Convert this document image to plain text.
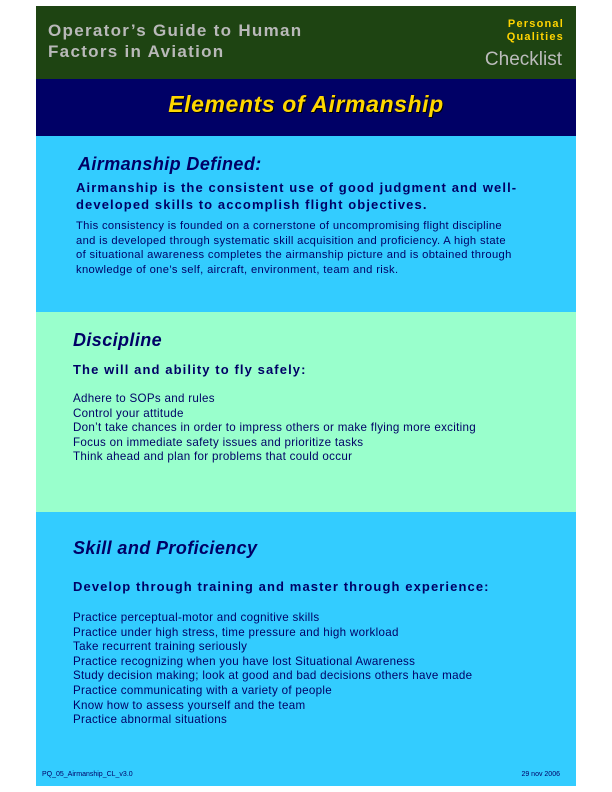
Operator’s Guide to Human
Factors in Aviation
Personal
Qualities
Checklist
Elements of Airmanship
Airmanship Defined:
Airmanship is the consistent use of good judgment and well-developed skills to accomplish flight objectives.
This consistency is founded on a cornerstone of uncompromising flight discipline and is developed through systematic skill acquisition and proficiency. A high state of situational awareness completes the airmanship picture and is obtained through knowledge of one’s self, aircraft, environment, team and risk.
Discipline
The will and ability to fly safely:
Adhere to SOPs and rules
Control your attitude
Don’t take chances in order to impress others or make flying more exciting
Focus on immediate safety issues and prioritize tasks
Think ahead and plan for problems that could occur
Skill and Proficiency
Develop through training and master through experience:
Practice perceptual-motor and cognitive skills
Practice under high stress, time pressure and high workload
Take recurrent training seriously
Practice recognizing when you have lost Situational Awareness
Study decision making; look at good and bad decisions others have made
Practice communicating with a variety of people
Know how to assess yourself and the team
Practice abnormal situations
PQ_05_Airmanship_CL_v3.0	29 nov 2006
